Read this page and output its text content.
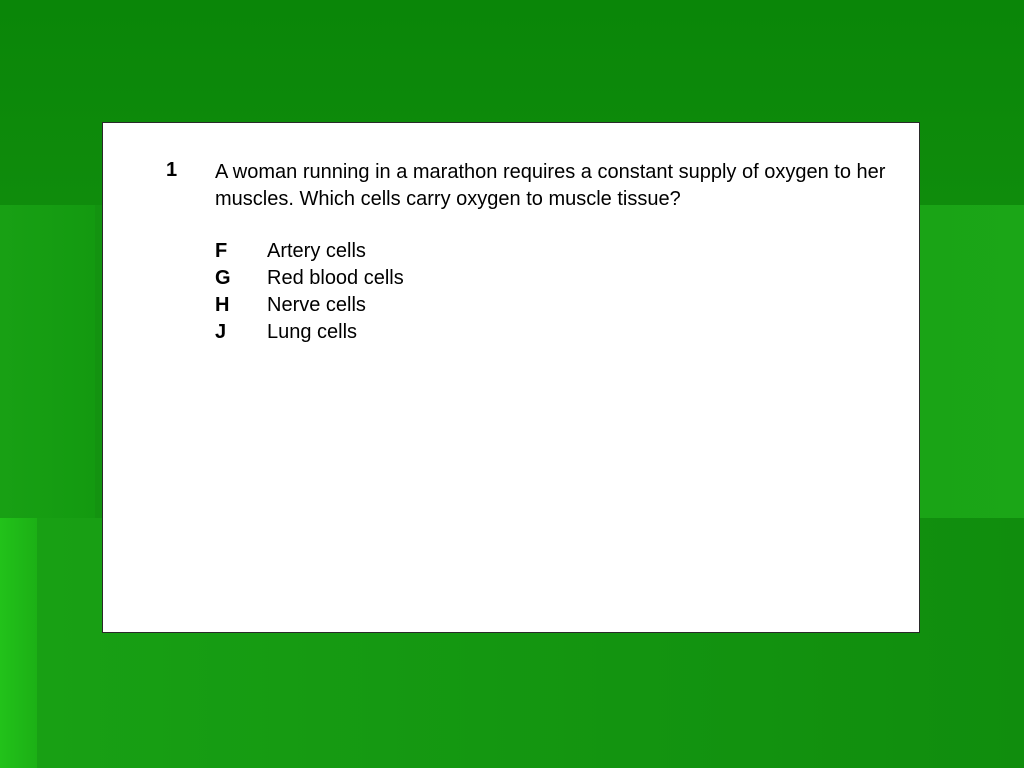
1 A woman running in a marathon requires a constant supply of oxygen to her muscles. Which cells carry oxygen to muscle tissue?
F	Artery cells
G	Red blood cells
H	Nerve cells
J	Lung cells
